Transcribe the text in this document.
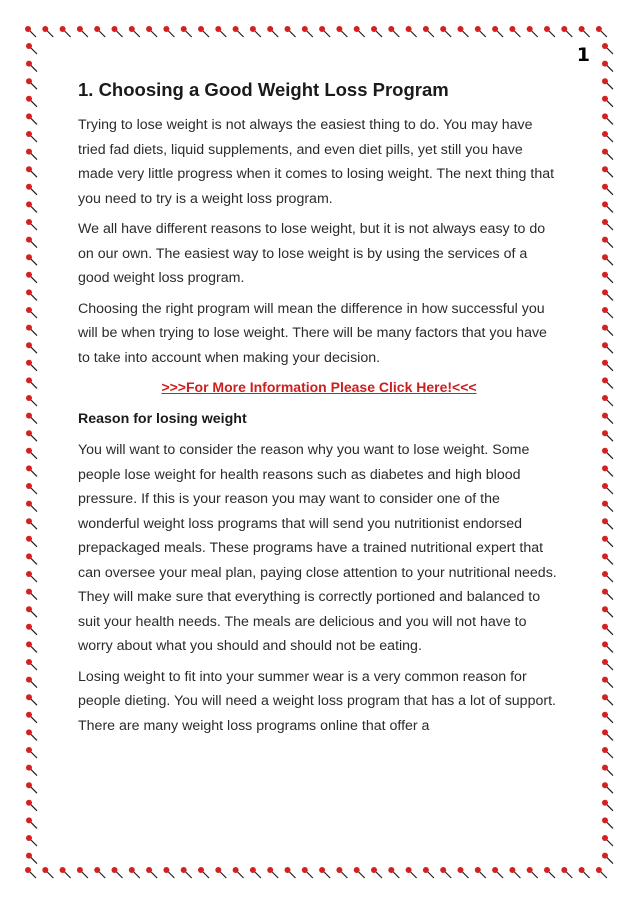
1
1. Choosing a Good Weight Loss Program

Trying to lose weight is not always the easiest thing to do. You may have tried fad diets, liquid supplements, and even diet pills, yet still you have made very little progress when it comes to losing weight. The next thing that you need to try is a weight loss program.

We all have different reasons to lose weight, but it is not always easy to do on our own. The easiest way to lose weight is by using the services of a good weight loss program.

Choosing the right program will mean the difference in how successful you will be when trying to lose weight. There will be many factors that you have to take into account when making your decision.

>>>For More Information Please Click Here!<<<
Reason for losing weight

You will want to consider the reason why you want to lose weight. Some people lose weight for health reasons such as diabetes and high blood pressure. If this is your reason you may want to consider one of the wonderful weight loss programs that will send you nutritionist endorsed prepackaged meals. These programs have a trained nutritional expert that can oversee your meal plan, paying close attention to your nutritional needs. They will make sure that everything is correctly portioned and balanced to suit your health needs. The meals are delicious and you will not have to worry about what you should and should not be eating.

Losing weight to fit into your summer wear is a very common reason for people dieting. You will need a weight loss program that has a lot of support. There are many weight loss programs online that offer a
